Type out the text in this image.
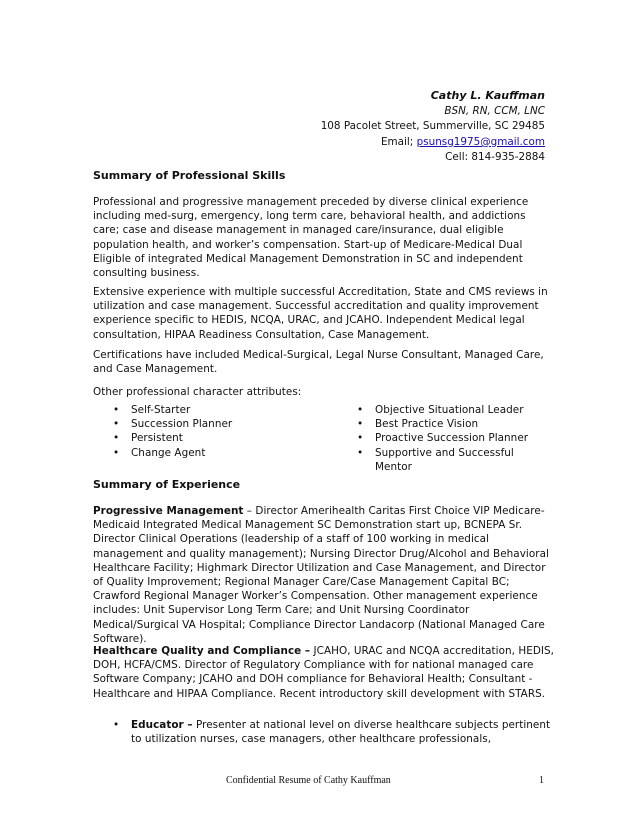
Cathy L. Kauffman
BSN, RN, CCM, LNC
108 Pacolet Street, Summerville, SC 29485
Email; psunsg1975@gmail.com
Cell: 814-935-2884
Summary of Professional Skills

Professional and progressive management preceded by diverse clinical experience including med-surg, emergency, long term care, behavioral health, and addictions care; case and disease management in managed care/insurance, dual eligible population health, and worker’s compensation. Start-up of Medicare-Medical Dual Eligible of integrated Medical Management Demonstration in SC and independent consulting business.

Extensive experience with multiple successful Accreditation, State and CMS reviews in utilization and case management. Successful accreditation and quality improvement experience specific to HEDIS, NCQA, URAC, and JCAHO. Independent Medical legal consultation, HIPAA Readiness Consultation, Case Management.

Certifications have included Medical-Surgical, Legal Nurse Consultant, Managed Care, and Case Management.

Other professional character attributes:

• Self-Starter
• Succession Planner
• Persistent
• Change Agent
• Objective Situational Leader
• Best Practice Vision
• Proactive Succession Planner
• Supportive and Successful Mentor
Summary of Experience

Progressive Management – Director Amerihealth Caritas First Choice VIP Medicare-Medicaid Integrated Medical Management SC Demonstration start up, BCNEPA Sr. Director Clinical Operations (leadership of a staff of 100 working in medical management and quality management); Nursing Director Drug/Alcohol and Behavioral Healthcare Facility; Highmark Director Utilization and Case Management, and Director of Quality Improvement; Regional Manager Care/Case Management Capital BC; Crawford Regional Manager Worker’s Compensation. Other management experience includes: Unit Supervisor Long Term Care; and Unit Nursing Coordinator Medical/Surgical VA Hospital; Compliance Director Landacorp (National Managed Care Software).

Healthcare Quality and Compliance – JCAHO, URAC and NCQA accreditation, HEDIS, DOH, HCFA/CMS. Director of Regulatory Compliance with for national managed care Software Company; JCAHO and DOH compliance for Behavioral Health; Consultant - Healthcare and HIPAA Compliance. Recent introductory skill development with STARS.

•	Educator – Presenter at national level on diverse healthcare subjects pertinent to utilization nurses, case managers, other healthcare professionals,
Confidential Resume of Cathy Kauffman	1
